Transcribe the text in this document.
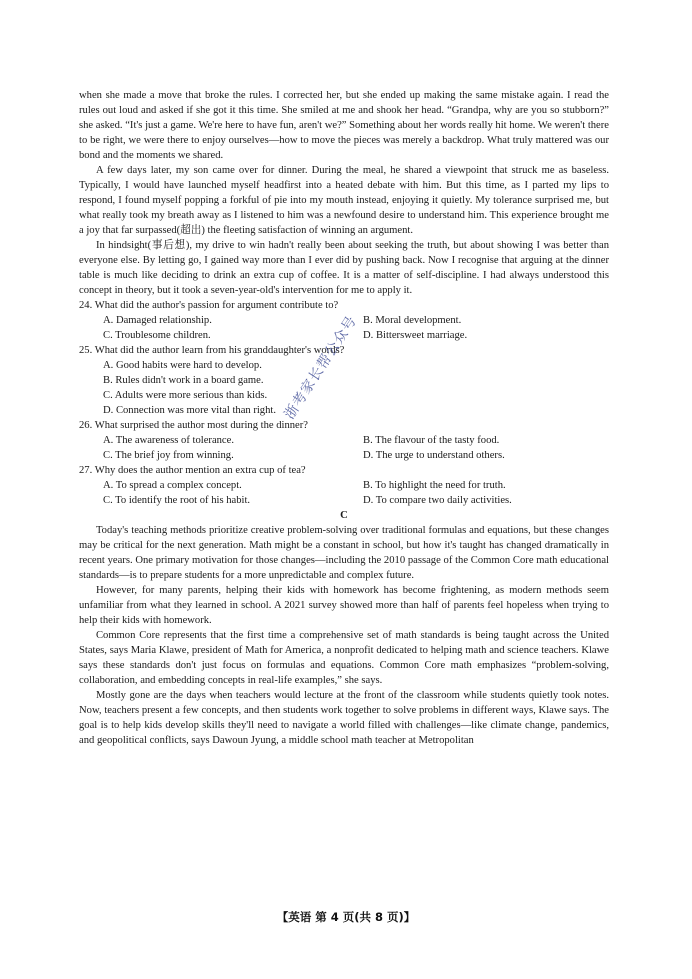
when she made a move that broke the rules. I corrected her, but she ended up making the same mistake again. I read the rules out loud and asked if she got it this time. She smiled at me and shook her head. “Grandpa, why are you so stubborn?” she asked. “It's just a game. We're here to have fun, aren't we?” Something about her words really hit home. We weren't there to be right, we were there to enjoy ourselves—how to move the pieces was merely a backdrop. What truly mattered was our bond and the moments we shared.

A few days later, my son came over for dinner. During the meal, he shared a viewpoint that struck me as baseless. Typically, I would have launched myself headfirst into a heated debate with him. But this time, as I parted my lips to respond, I found myself popping a forkful of pie into my mouth instead, enjoying it quietly. My tolerance surprised me, but what really took my breath away as I listened to him was a newfound desire to understand him. This experience brought me a joy that far surpassed(超出) the fleeting satisfaction of winning an argument.

In hindsight(事后想), my drive to win hadn't really been about seeking the truth, but about showing I was better than everyone else. By letting go, I gained way more than I ever did by pushing back. Now I recognise that arguing at the dinner table is much like deciding to drink an extra cup of coffee. It is a matter of self-discipline. I had always understood this concept in theory, but it took a seven-year-old's intervention for me to apply it.

24. What did the author's passion for argument contribute to?

A. Damaged relationship.	B. Moral development.
C. Troublesome children.	D. Bittersweet marriage.

25. What did the author learn from his granddaughter's words?

A. Good habits were hard to develop.
B. Rules didn't work in a board game.
C. Adults were more serious than kids.
D. Connection was more vital than right.

26. What surprised the author most during the dinner?

A. The awareness of tolerance.	B. The flavour of the tasty food.
C. The brief joy from winning.	D. The urge to understand others.

27. Why does the author mention an extra cup of tea?

A. To spread a complex concept.	B. To highlight the need for truth.
C. To identify the root of his habit.	D. To compare two daily activities.

C

Today's teaching methods prioritize creative problem-solving over traditional formulas and equations, but these changes may be critical for the next generation. Math might be a constant in school, but how it's taught has changed dramatically in recent years. One primary motivation for those changes—including the 2010 passage of the Common Core math educational standards—is to prepare students for a more unpredictable and complex future.

However, for many parents, helping their kids with homework has become frightening, as modern methods seem unfamiliar from what they learned in school. A 2021 survey showed more than half of parents feel hopeless when trying to help their kids with homework.

Common Core represents that the first time a comprehensive set of math standards is being taught across the United States, says Maria Klawe, president of Math for America, a nonprofit dedicated to helping math and science teachers. Klawe says these standards don't just focus on formulas and equations. Common Core math emphasizes “problem-solving, collaboration, and embedding concepts in real-life examples,” she says.

Mostly gone are the days when teachers would lecture at the front of the classroom while students quietly took notes. Now, teachers present a few concepts, and then students work together to solve problems in different ways, Klawe says. The goal is to help kids develop skills they'll need to navigate a world filled with challenges—like climate change, pandemics, and geopolitical conflicts, says Dawoun Jyung, a middle school math teacher at Metropolitan

浙考家长帮公众号
【英语 第 4 页(共 8 页)】
